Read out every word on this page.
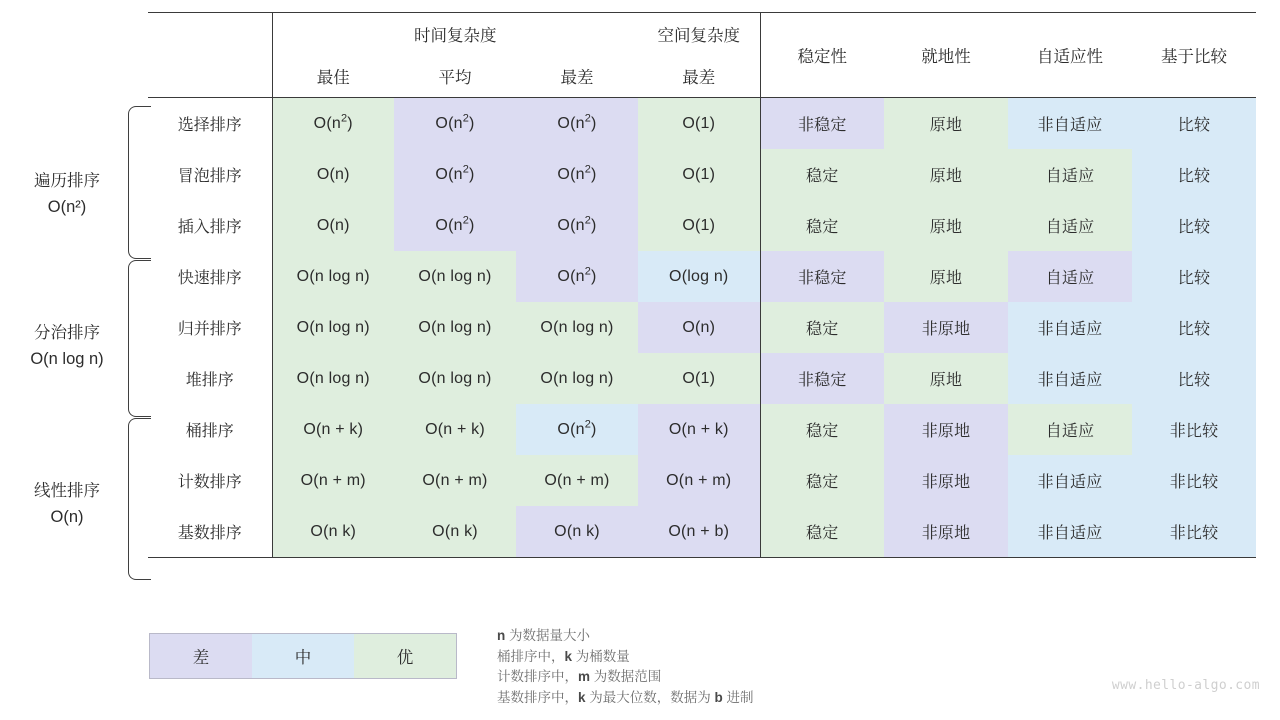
遍历排序
O(n²)
分治排序
O(n log n)
线性排序
O(n)
	时间复杂度			空间复杂度	稳定性	就地性	自适应性	基于比较
	最佳	平均	最差	最差				
选择排序	$O(n^2)$	$O(n^2)$	$O(n^2)$	O(1)	非稳定	原地	非自适应	比较
冒泡排序	O(n)	$O(n^2)$	$O(n^2)$	O(1)	稳定	原地	自适应	比较
插入排序	O(n)	$O(n^2)$	$O(n^2)$	O(1)	稳定	原地	自适应	比较
快速排序	O(n log n)	O(n log n)	$O(n^2)$	O(log n)	非稳定	原地	自适应	比较
归并排序	O(n log n)	O(n log n)	O(n log n)	O(n)	稳定	非原地	非自适应	比较
堆排序	O(n log n)	O(n log n)	O(n log n)	O(1)	非稳定	原地	非自适应	比较
桶排序	O(n + k)	O(n + k)	$O(n^2)$	O(n + k)	稳定	非原地	自适应	非比较
计数排序	O(n + m)	O(n + m)	O(n + m)	O(n + m)	稳定	非原地	非自适应	非比较
基数排序	O(n k)	O(n k)	O(n k)	O(n + b)	稳定	非原地	非自适应	非比较
差	中	优
n 为数据量大小
桶排序中，k 为桶数量
计数排序中，m 为数据范围
基数排序中，k 为最大位数，数据为 b 进制
www.hello-algo.com
